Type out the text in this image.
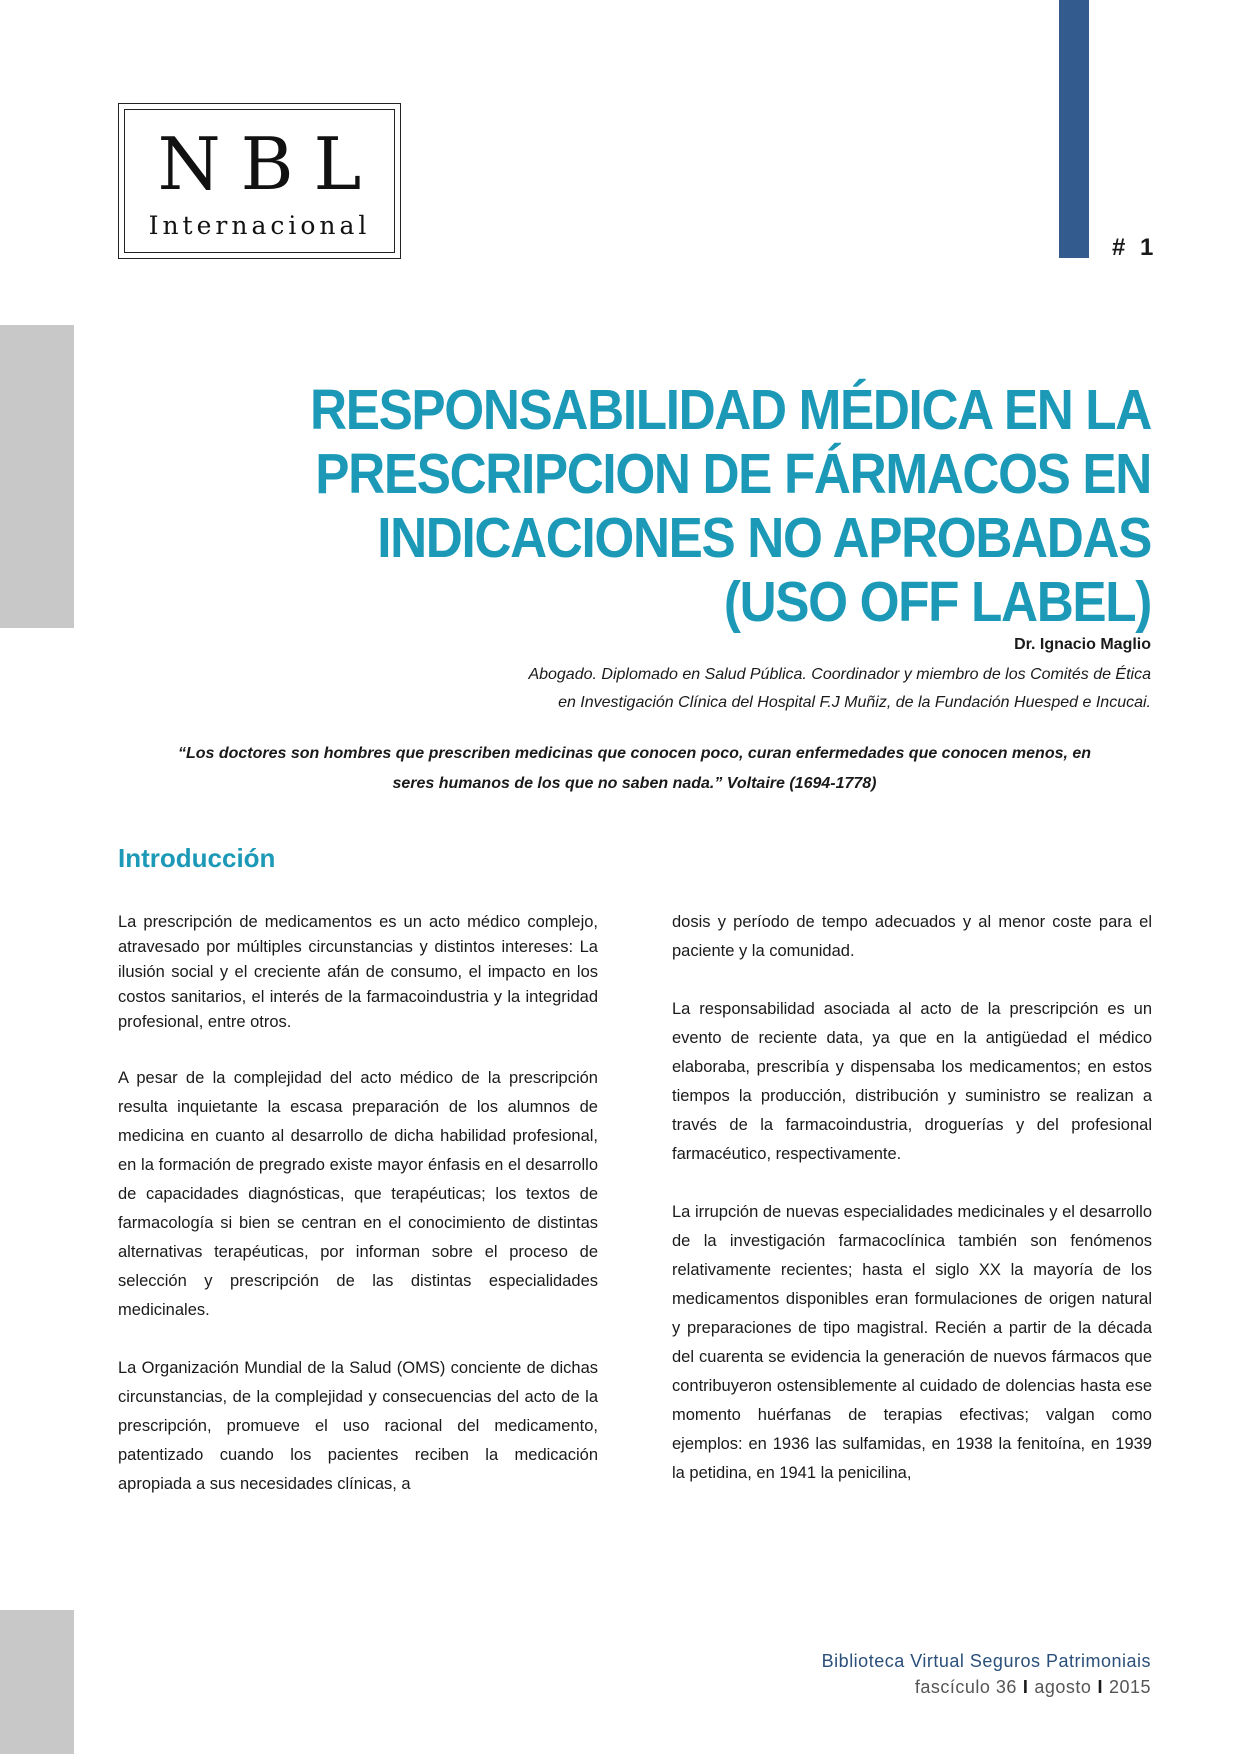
# 1
NBL
Internacional
RESPONSABILIDAD MÉDICA EN LA
PRESCRIPCION DE FÁRMACOS EN
INDICACIONES NO APROBADAS
(USO OFF LABEL)
Dr. Ignacio Maglio
Abogado. Diplomado en Salud Pública. Coordinador y miembro de los Comités de Ética
en Investigación Clínica del Hospital F.J Muñiz, de la Fundación Huesped e Incucai.
“Los doctores son hombres que prescriben medicinas que conocen poco, curan enfermedades que conocen menos, en
seres humanos de los que no saben nada.” Voltaire (1694-1778)
Introducción

La prescripción de medicamentos es un acto médico complejo, atravesado por múltiples circunstancias y distintos intereses: La ilusión social y el creciente afán de consumo, el impacto en los costos sanitarios, el interés de la farmacoindustria y la integridad profesional, entre otros.

A pesar de la complejidad del acto médico de la prescripción resulta inquietante la escasa preparación de los alumnos de medicina en cuanto al desarrollo de dicha habilidad profesional, en la formación de pregrado existe mayor énfasis en el desarrollo de capacidades diagnósticas, que terapéuticas; los textos de farmacología si bien se centran en el conocimiento de distintas alternativas terapéuticas, por informan sobre el proceso de selección y prescripción de las distintas especialidades medicinales.

La Organización Mundial de la Salud (OMS) conciente de dichas circunstancias, de la complejidad y consecuencias del acto de la prescripción, promueve el uso racional del medicamento, patentizado cuando los pacientes reciben la medicación apropiada a sus necesidades clínicas, a

dosis y período de tempo adecuados y al menor coste para el paciente y la comunidad.

La responsabilidad asociada al acto de la prescripción es un evento de reciente data, ya que en la antigüedad el médico elaboraba, prescribía y dispensaba los medicamentos; en estos tiempos la producción, distribución y suministro se realizan a través de la farmacoindustria, droguerías y del profesional farmacéutico, respectivamente.

La irrupción de nuevas especialidades medicinales y el desarrollo de la investigación farmacoclínica también son fenómenos relativamente recientes; hasta el siglo XX la mayoría de los medicamentos disponibles eran formulaciones de origen natural y preparaciones de tipo magistral. Recién a partir de la década del cuarenta se evidencia la generación de nuevos fármacos que contribuyeron ostensiblemente al cuidado de dolencias hasta ese momento huérfanas de terapias efectivas; valgan como ejemplos: en 1936 las sulfamidas, en 1938 la fenitoína, en 1939 la petidina, en 1941 la penicilina,

Biblioteca Virtual Seguros Patrimoniais
fascículo 36 I agosto I 2015
